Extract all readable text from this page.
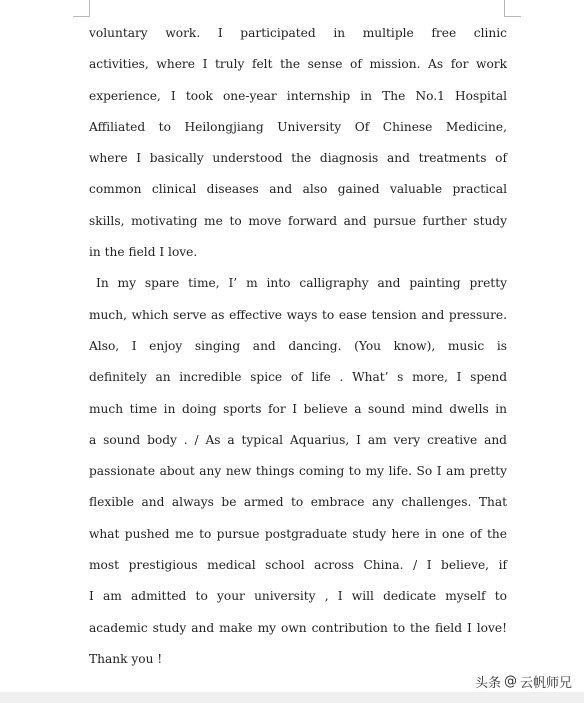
voluntary work. I participated in multiple free clinic
activities, where I truly felt the sense of mission. As for work
experience, I took one-year internship in The No.1 Hospital
Affiliated to Heilongjiang University Of Chinese Medicine,
where I basically understood the diagnosis and treatments of
common clinical diseases and also gained valuable practical
skills, motivating me to move forward and pursue further study
in the field I love.
In my spare time, I’ m into calligraphy and painting pretty
much, which serve as effective ways to ease tension and pressure.
Also, I enjoy singing and dancing. (You know), music is
definitely an incredible spice of life . What’ s more, I spend
much time in doing sports for I believe a sound mind dwells in
a sound body . / As a typical Aquarius, I am very creative and
passionate about any new things coming to my life. So I am pretty
flexible and always be armed to embrace any challenges. That
what pushed me to pursue postgraduate study here in one of the
most prestigious medical school across China. / I believe, if
I am admitted to your university , I will dedicate myself to
academic study and make my own contribution to the field I love!
Thank you !
头条 @ 云帆师兄
